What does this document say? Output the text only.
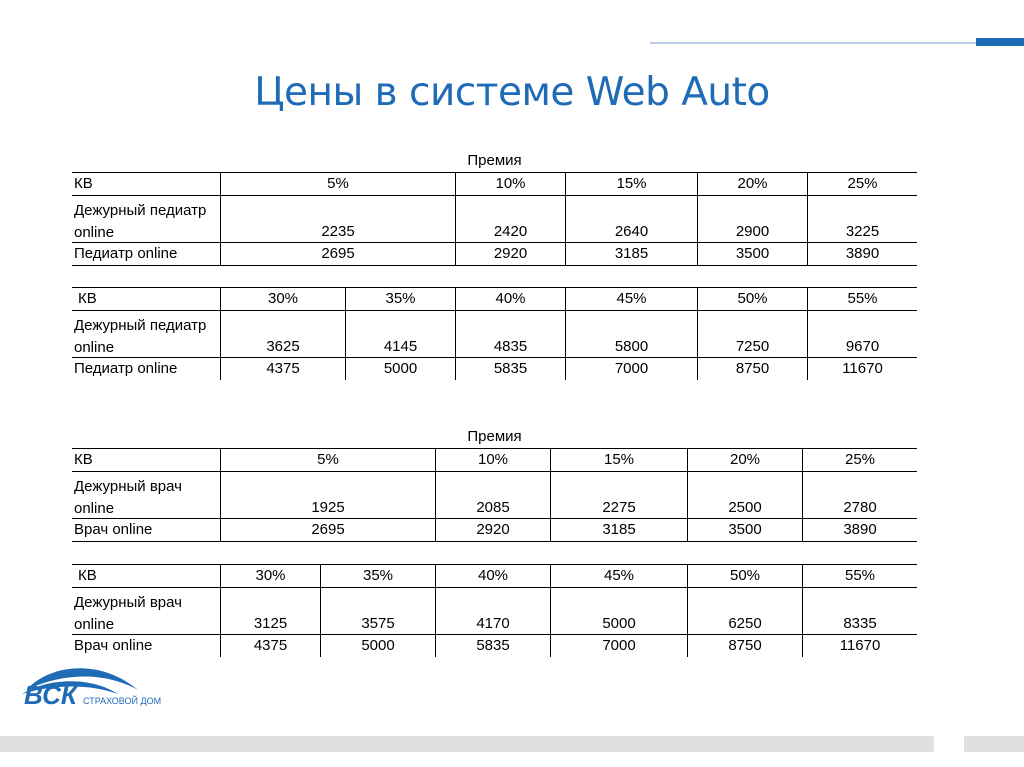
Цены в системе Web Auto
Премия
КВ	5%	10%	15%	20%	25%
Дежурный педиатр online	2235	2420	2640	2900	3225
Педиатр online	2695	2920	3185	3500	3890
КВ	30%	35%	40%	45%	50%	55%
Дежурный педиатр online	3625	4145	4835	5800	7250	9670
Педиатр online	4375	5000	5835	7000	8750	11670
Премия
КВ	5%	10%	15%	20%	25%
Дежурный врач online	1925	2085	2275	2500	2780
Врач online	2695	2920	3185	3500	3890
КВ	30%	35%	40%	45%	50%	55%
Дежурный врач online	3125	3575	4170	5000	6250	8335
Врач online	4375	5000	5835	7000	8750	11670
ВСК СТРАХОВОЙ ДОМ
